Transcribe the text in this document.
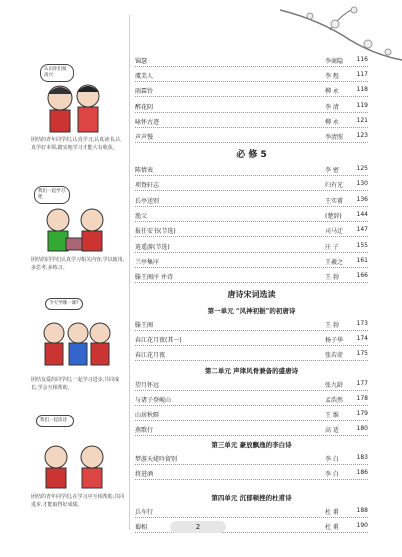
认识你们很高兴
团结的青年同学们,认真学习,认真读书,认真学好本领,踏实地学习才能大有收获。
我们一起学习吧
团结的同学们认真学习相关内容,学以致用,多思考,多练习。
今天学哪一课?
团结友爱的同学们,一起学习进步,共同成长,学会互相帮助。
我们一起读诗
团结的青年同学们,在学习中互相帮助,共同进步,才能取得好成绩。
锦瑟	李商隐 116
虞美人	李 煜	117
雨霖铃	柳 永	118
醉花阴	李 清	119
咏怀古迹	柳 永	121
声声慢	李清照 123
必 修 5
陈情表	李 密	125
项脊轩志	归有光 130
长亭送别	王实甫 136
渔父	(楚辞) 144
报任安书(节选)	司马迁 147
逍遥游(节选)	庄 子	155
兰亭集序	王羲之 161
滕王阁序 并诗	王 勃	166
唐诗宋词选读
第一单元 “风神初振”的初唐诗
滕王阁	王 勃	173
春江花月夜(其一)	杨子华 174
春江花月夜	张若虚 175
第二单元 声律风骨兼备的盛唐诗
望月怀远	张九龄 177
与诸子登岘山	孟浩然 178
山居秋暝	王 维	179
燕歌行	高 适	180
第三单元 豪放飘逸的李白诗
梦游天姥吟留别	李 白	183
将进酒	李 白	186
第四单元 沉郁顿挫的杜甫诗
兵车行	杜 甫	188
蜀相	杜 甫	190
2
